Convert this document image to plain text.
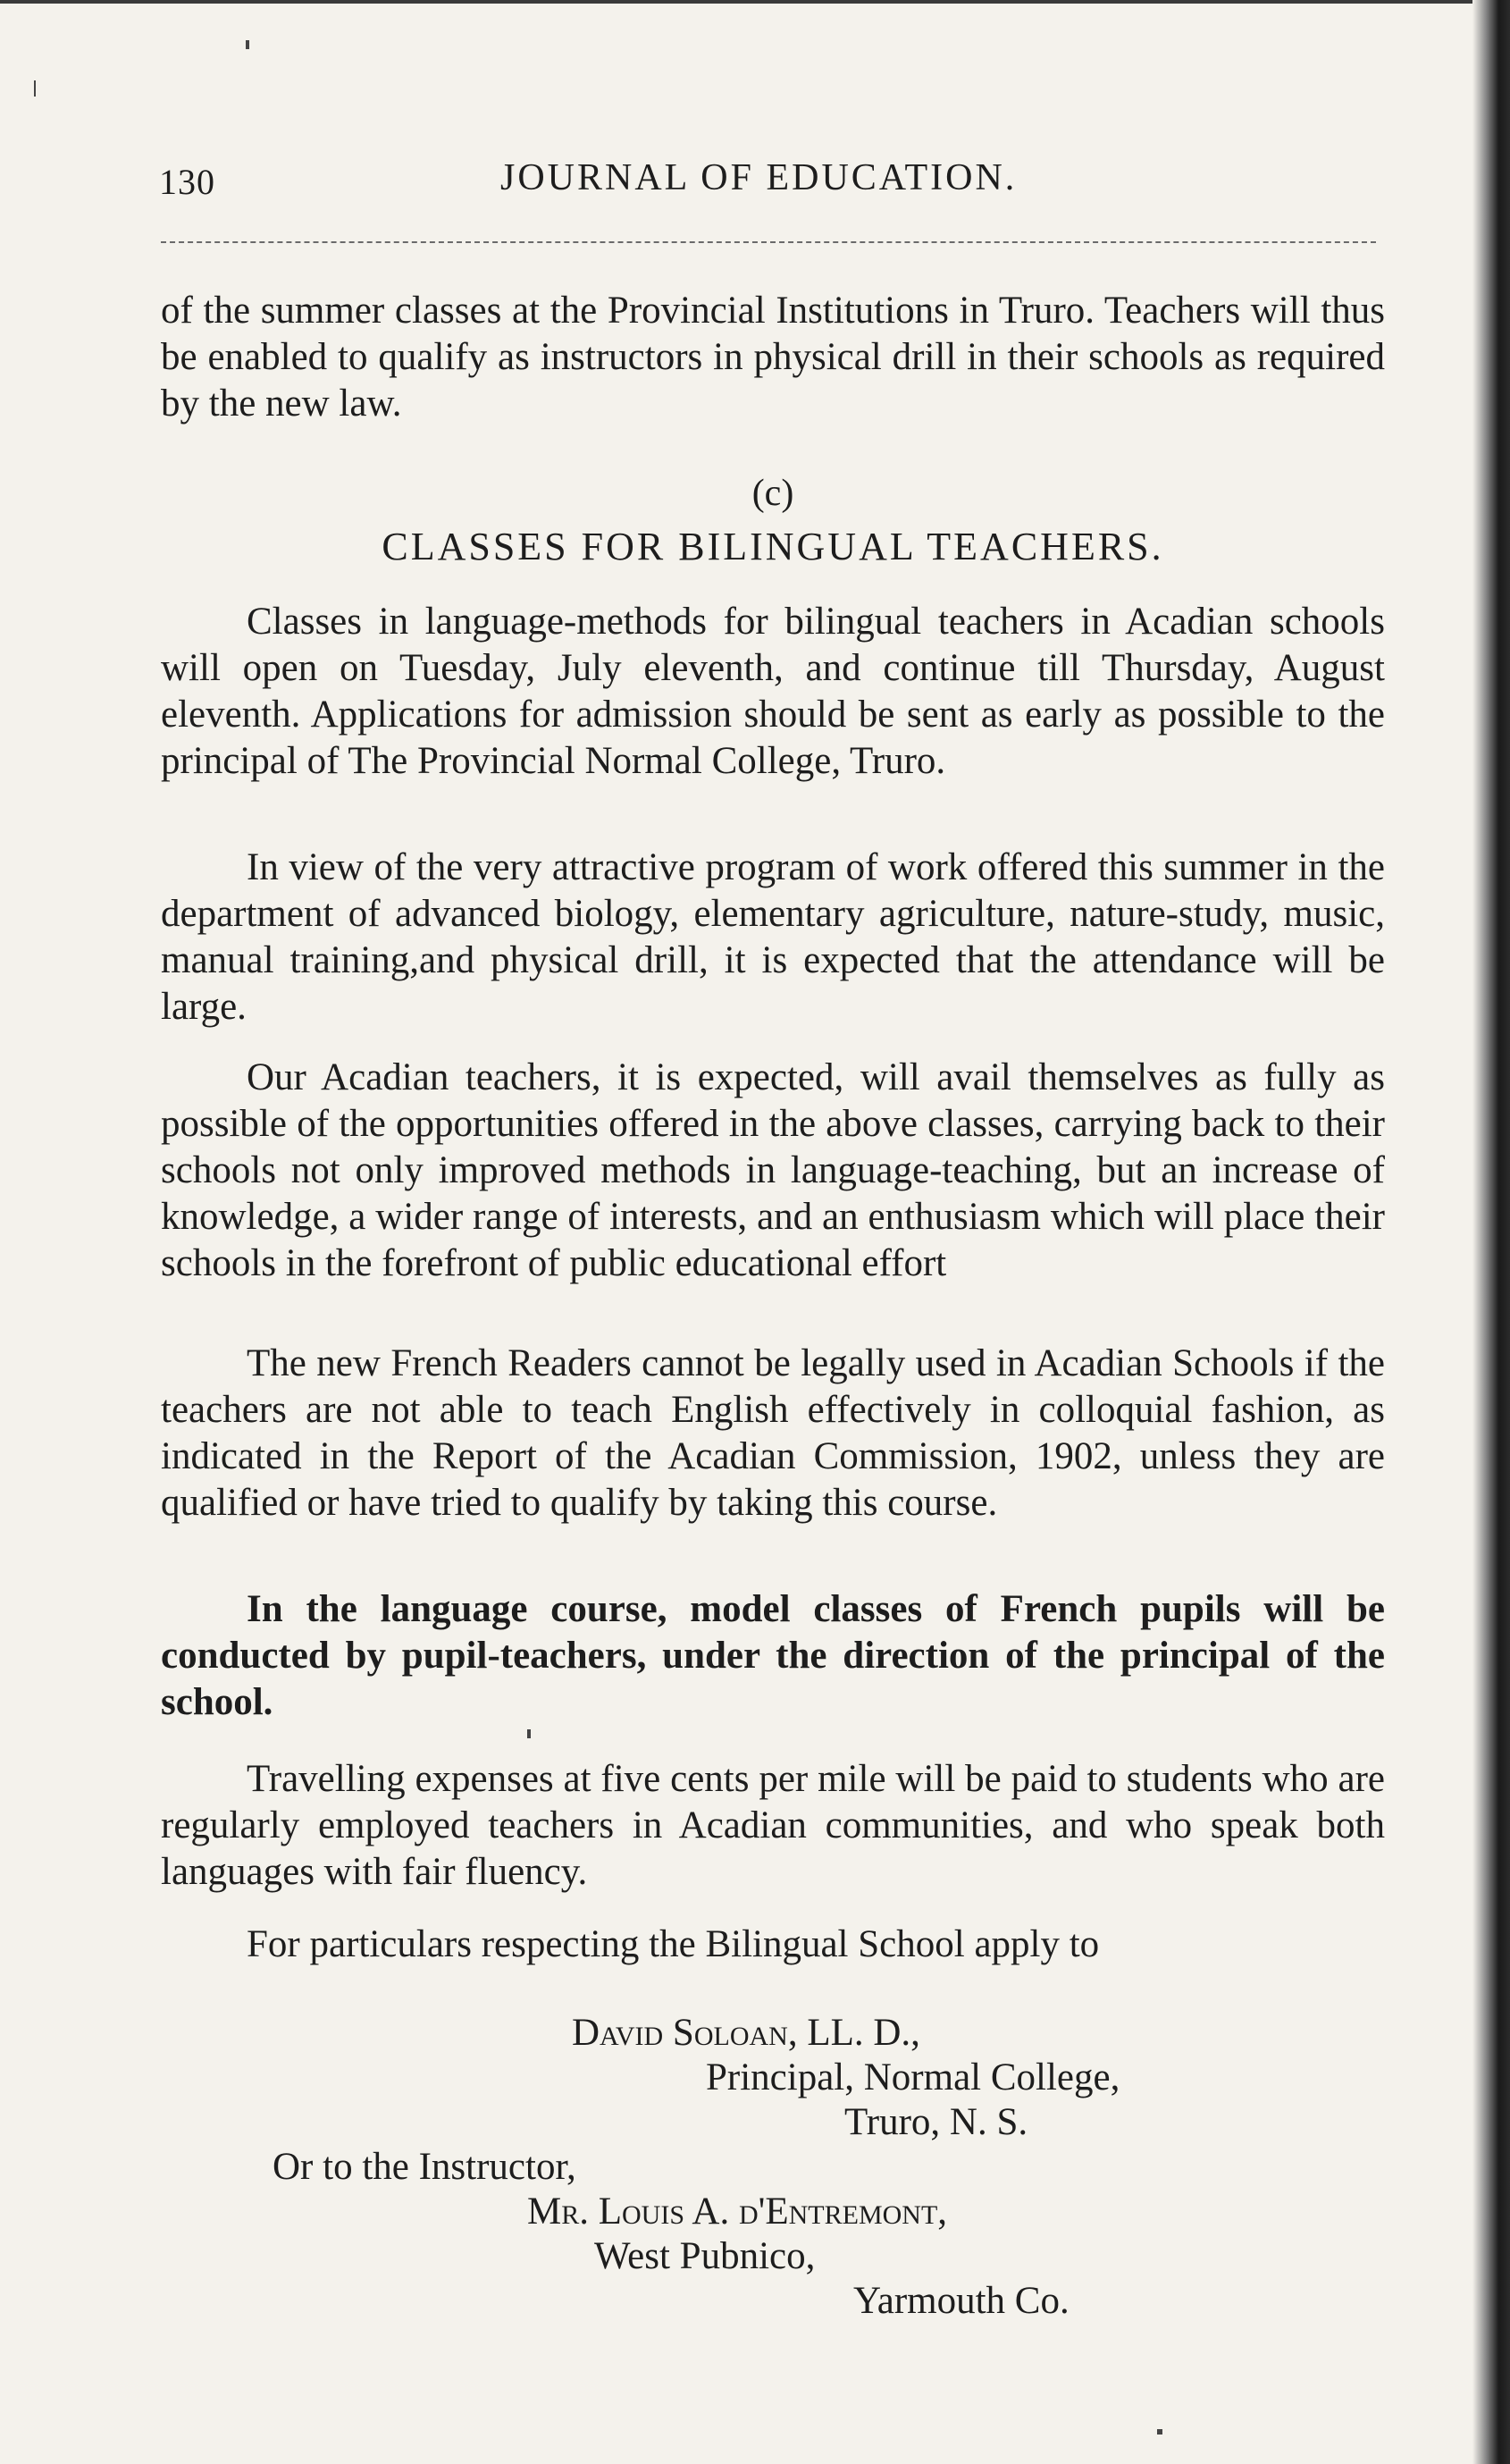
130	JOURNAL OF EDUCATION.

of the summer classes at the Provincial Institutions in Truro. Teachers will thus be enabled to qualify as instructors in physical drill in their schools as required by the new law.

(c)
CLASSES FOR BILINGUAL TEACHERS.

Classes in language-methods for bilingual teachers in Acadian schools will open on Tuesday, July eleventh, and continue till Thursday, August eleventh. Applications for admission should be sent as early as possible to the principal of The Provincial Normal College, Truro.

In view of the very attractive program of work offered this summer in the department of advanced biology, elementary agriculture, nature-study, music, manual training,and physical drill, it is expected that the attendance will be large.

Our Acadian teachers, it is expected, will avail themselves as fully as possible of the opportunities offered in the above classes, carrying back to their schools not only improved methods in language-teaching, but an increase of knowledge, a wider range of interests, and an enthusiasm which will place their schools in the forefront of public educational effort

The new French Readers cannot be legally used in Acadian Schools if the teachers are not able to teach English effectively in colloquial fashion, as indicated in the Report of the Acadian Commission, 1902, unless they are qualified or have tried to qualify by taking this course.

In the language course, model classes of French pupils will be conducted by pupil-teachers, under the direction of the principal of the school.

Travelling expenses at five cents per mile will be paid to students who are regularly employed teachers in Acadian communities, and who speak both languages with fair fluency.

For particulars respecting the Bilingual School apply to

David Soloan, LL. D.,
Principal, Normal College,
Truro, N. S.
Or to the Instructor,
Mr. Louis A. d'Entremont,
West Pubnico,
Yarmouth Co.
